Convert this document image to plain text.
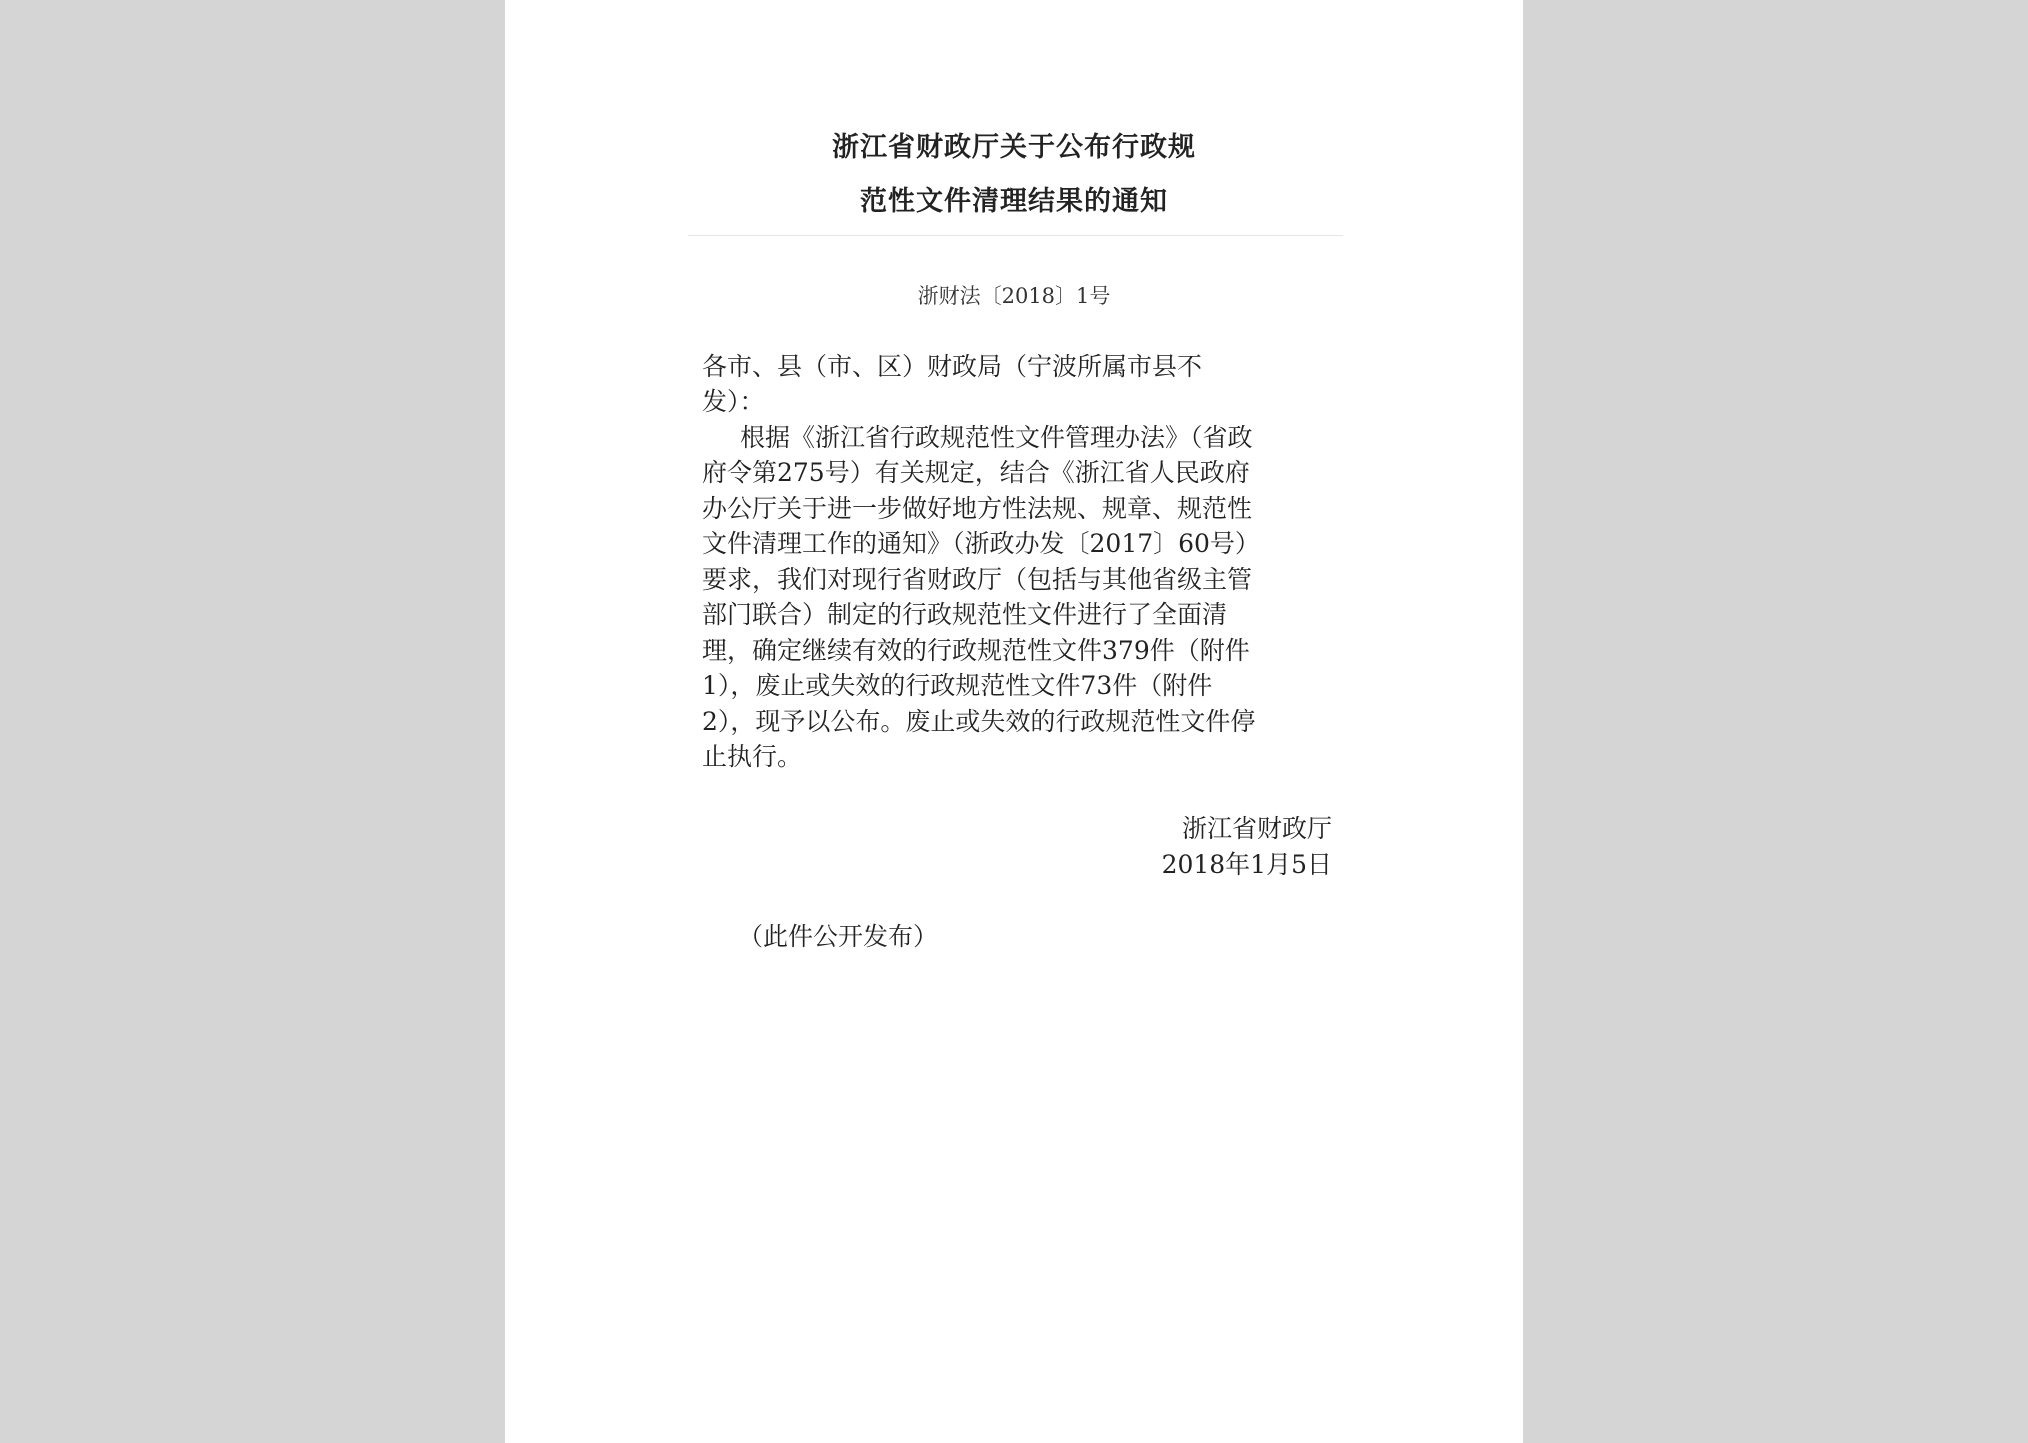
浙江省财政厅关于公布行政规
范性文件清理结果的通知
浙财法〔2018〕1号
各市、县（市、区）财政局（宁波所属市县不
发）：
　根据《浙江省行政规范性文件管理办法》（省政
府令第275号）有关规定，结合《浙江省人民政府
办公厅关于进一步做好地方性法规、规章、规范性
文件清理工作的通知》（浙政办发〔2017〕60号）
要求，我们对现行省财政厅（包括与其他省级主管
部门联合）制定的行政规范性文件进行了全面清
理，确定继续有效的行政规范性文件379件（附件
1），废止或失效的行政规范性文件73件（附件
2），现予以公布。废止或失效的行政规范性文件停
止执行。
浙江省财政厅
2018年1月5日
（此件公开发布）
